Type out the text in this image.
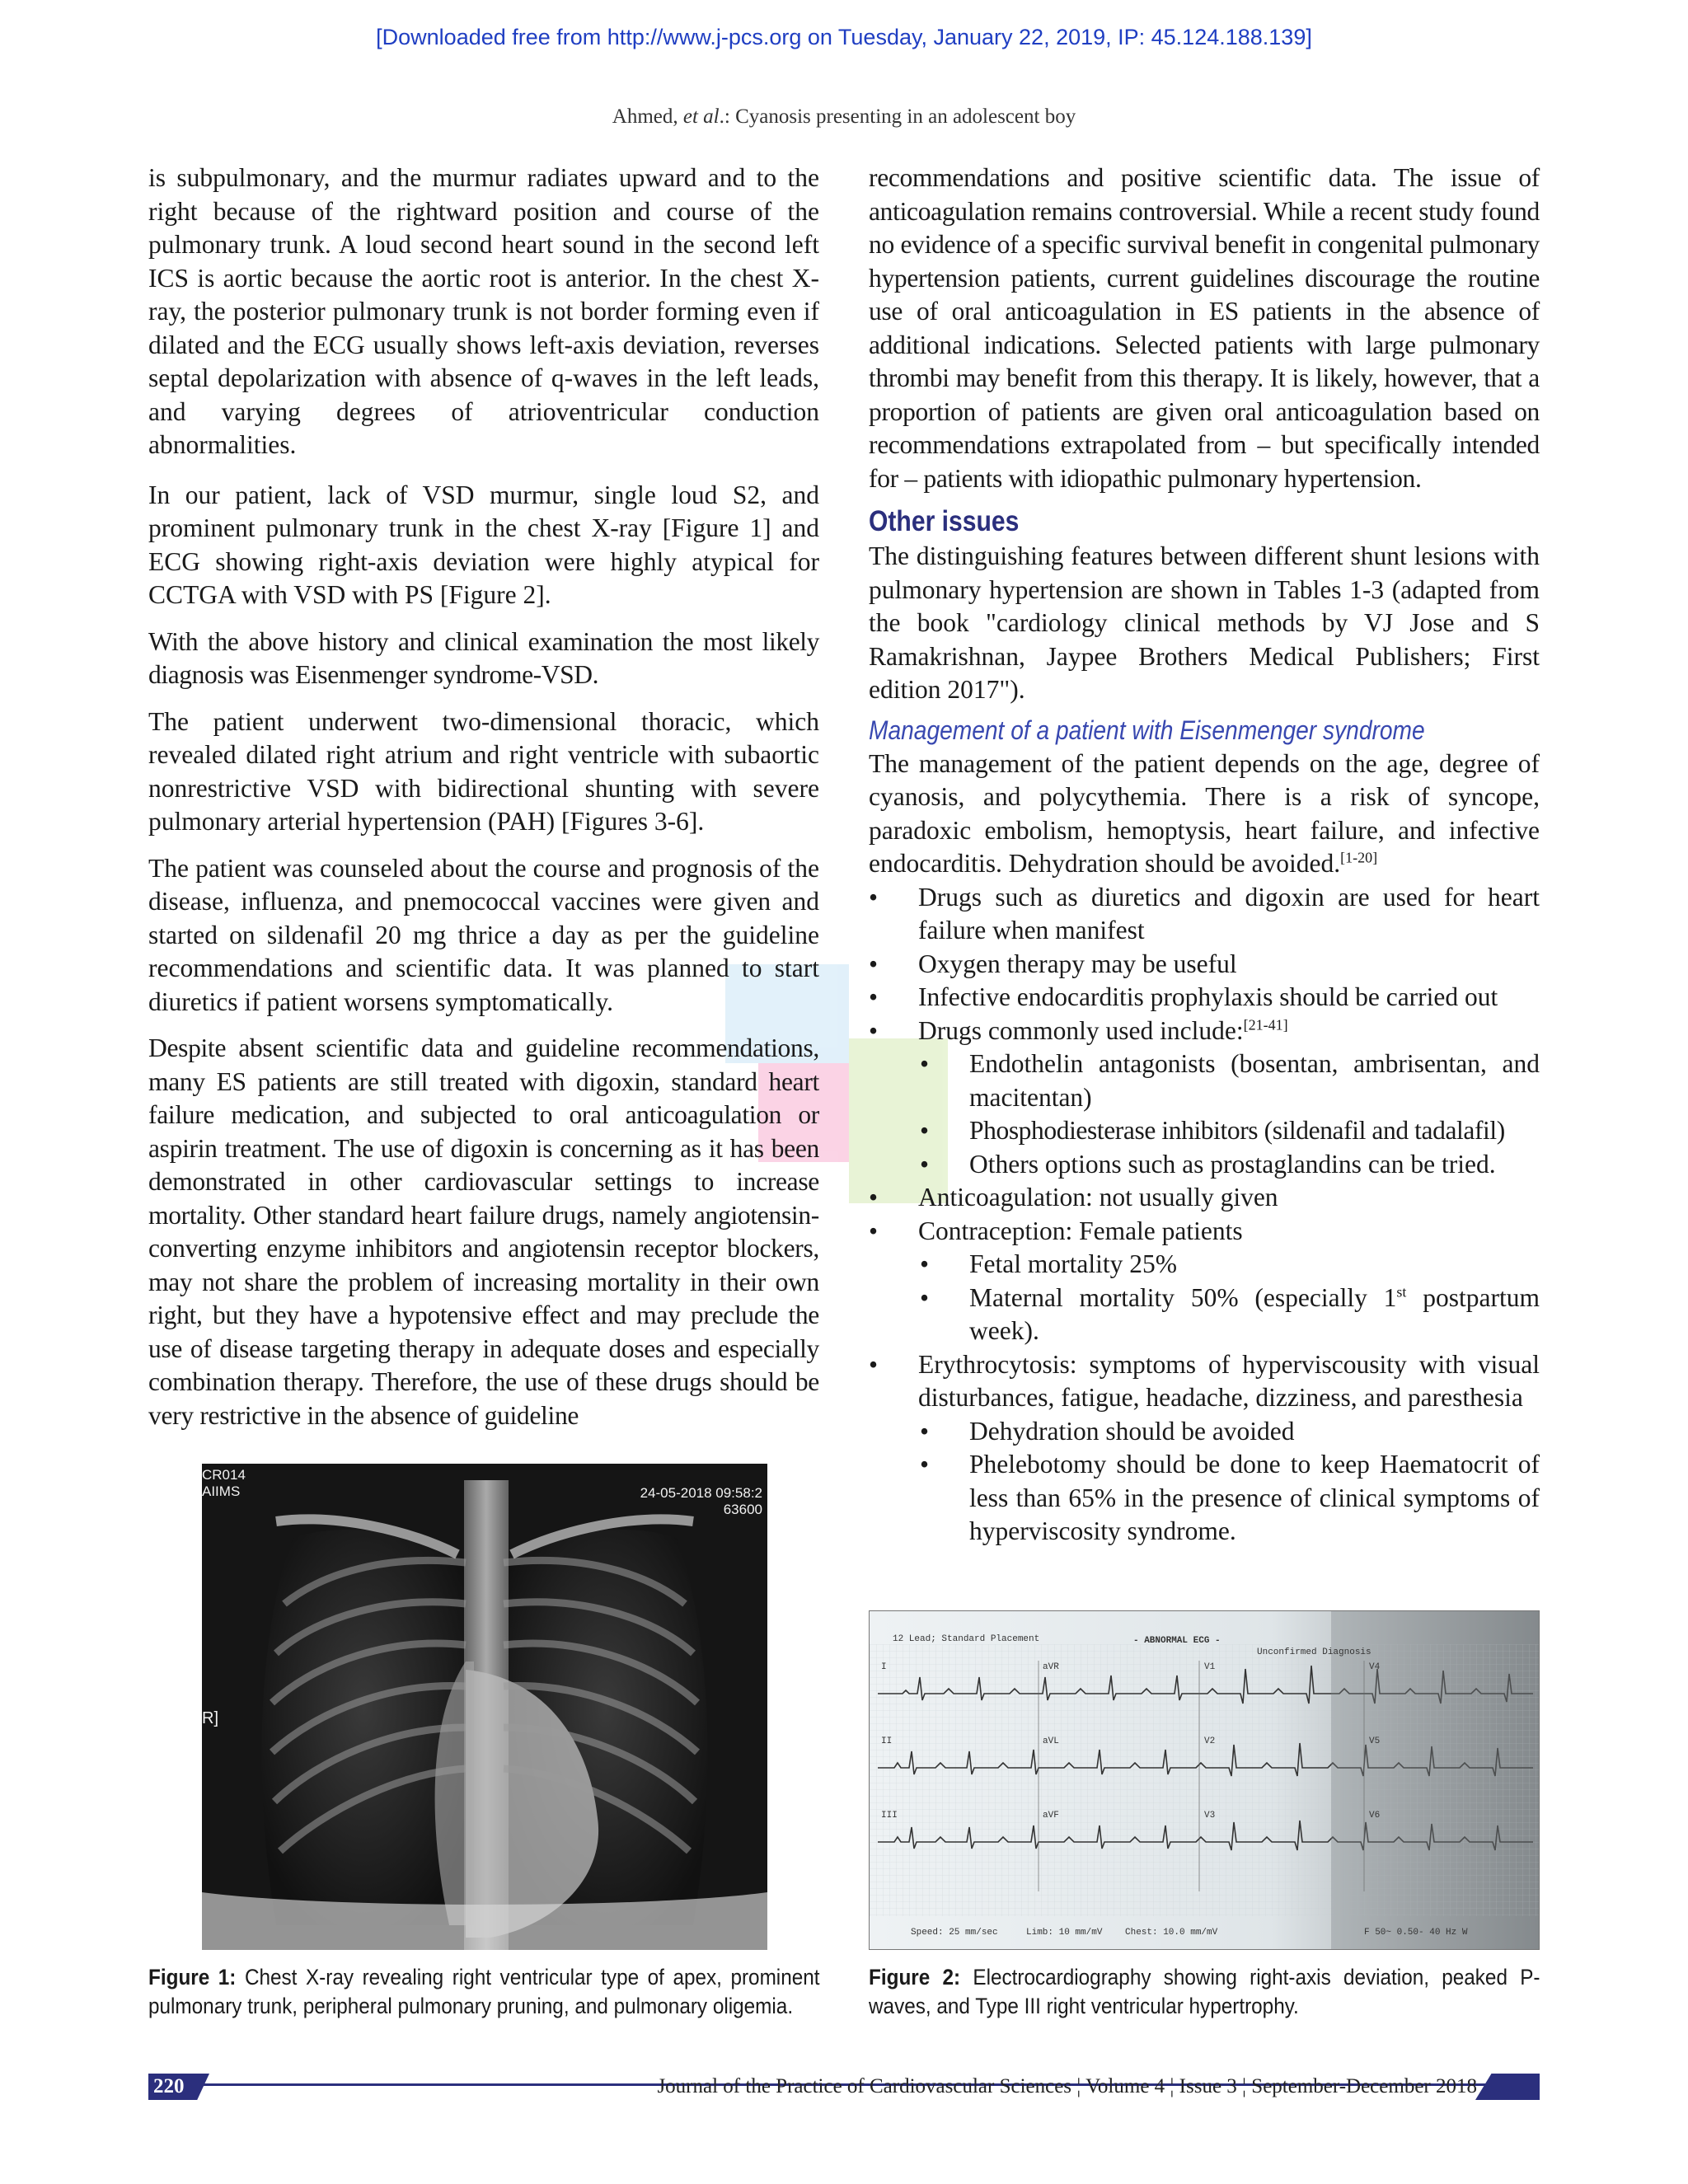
[Downloaded free from http://www.j-pcs.org on Tuesday, January 22, 2019, IP: 45.124.188.139]
Ahmed, et al.: Cyanosis presenting in an adolescent boy

is subpulmonary, and the murmur radiates upward and to the right because of the rightward position and course of the pulmonary trunk. A loud second heart sound in the second left ICS is aortic because the aortic root is anterior. In the chest X-ray, the posterior pulmonary trunk is not border forming even if dilated and the ECG usually shows left-axis deviation, reverses septal depolarization with absence of q-waves in the left leads, and varying degrees of atrioventricular conduction abnormalities.

In our patient, lack of VSD murmur, single loud S2, and prominent pulmonary trunk in the chest X-ray [Figure 1] and ECG showing right-axis deviation were highly atypical for CCTGA with VSD with PS [Figure 2].

With the above history and clinical examination the most likely diagnosis was Eisenmenger syndrome-VSD.

The patient underwent two-dimensional thoracic, which revealed dilated right atrium and right ventricle with subaortic nonrestrictive VSD with bidirectional shunting with severe pulmonary arterial hypertension (PAH) [Figures 3-6].

The patient was counseled about the course and prognosis of the disease, influenza, and pnemococcal vaccines were given and started on sildenafil 20 mg thrice a day as per the guideline recommendations and scientific data. It was planned to start diuretics if patient worsens symptomatically.

Despite absent scientific data and guideline recommendations, many ES patients are still treated with digoxin, standard heart failure medication, and subjected to oral anticoagulation or aspirin treatment. The use of digoxin is concerning as it has been demonstrated in other cardiovascular settings to increase mortality. Other standard heart failure drugs, namely angiotensin-converting enzyme inhibitors and angiotensin receptor blockers, may not share the problem of increasing mortality in their own right, but they have a hypotensive effect and may preclude the use of disease targeting therapy in adequate doses and especially combination therapy. Therefore, the use of these drugs should be very restrictive in the absence of guideline

recommendations and positive scientific data. The issue of anticoagulation remains controversial. While a recent study found no evidence of a specific survival benefit in congenital pulmonary hypertension patients, current guidelines discourage the routine use of oral anticoagulation in ES patients in the absence of additional indications. Selected patients with large pulmonary thrombi may benefit from this therapy. It is likely, however, that a proportion of patients are given oral anticoagulation based on recommendations extrapolated from – but specifically intended for – patients with idiopathic pulmonary hypertension.

Other issues

The distinguishing features between different shunt lesions with pulmonary hypertension are shown in Tables 1-3 (adapted from the book "cardiology clinical methods by VJ Jose and S Ramakrishnan, Jaypee Brothers Medical Publishers; First edition 2017").

Management of a patient with Eisenmenger syndrome

The management of the patient depends on the age, degree of cyanosis, and polycythemia. There is a risk of syncope, paradoxic embolism, hemoptysis, heart failure, and infective endocarditis. Dehydration should be avoided.[1-20]

• Drugs such as diuretics and digoxin are used for heart failure when manifest
• Oxygen therapy may be useful
• Infective endocarditis prophylaxis should be carried out
• Drugs commonly used include:[21-41]
• Endothelin antagonists (bosentan, ambrisentan, and macitentan)
• Phosphodiesterase inhibitors (sildenafil and tadalafil)
• Others options such as prostaglandins can be tried.
• Anticoagulation: not usually given
• Contraception: Female patients
• Fetal mortality 25%
• Maternal mortality 50% (especially 1st postpartum week).
• Erythrocytosis: symptoms of hyperviscousity with visual disturbances, fatigue, headache, dizziness, and paresthesia
• Dehydration should be avoided
• Phelebotomy should be done to keep Haematocrit of less than 65% in the presence of clinical symptoms of hyperviscosity syndrome.
CR014
AIIMS	24-05-2018 09:58:2
63600
R]
12 Lead; Standard Placement	- ABNORMAL ECG -
Unconfirmed Diagnosis
I	aVR	V1	V4
II	aVL	V2	V5
III	aVF	V3	V6
Speed: 25 mm/sec	Limb: 10 mm/mV	Chest: 10.0 mm/mV	F 50~ 0.50- 40 Hz W
Figure 1: Chest X-ray revealing right ventricular type of apex, prominent pulmonary trunk, peripheral pulmonary pruning, and pulmonary oligemia.
Figure 2: Electrocardiography showing right-axis deviation, peaked P-waves, and Type III right ventricular hypertrophy.
220	Journal of the Practice of Cardiovascular Sciences ¦ Volume 4 ¦ Issue 3 ¦ September-December 2018
